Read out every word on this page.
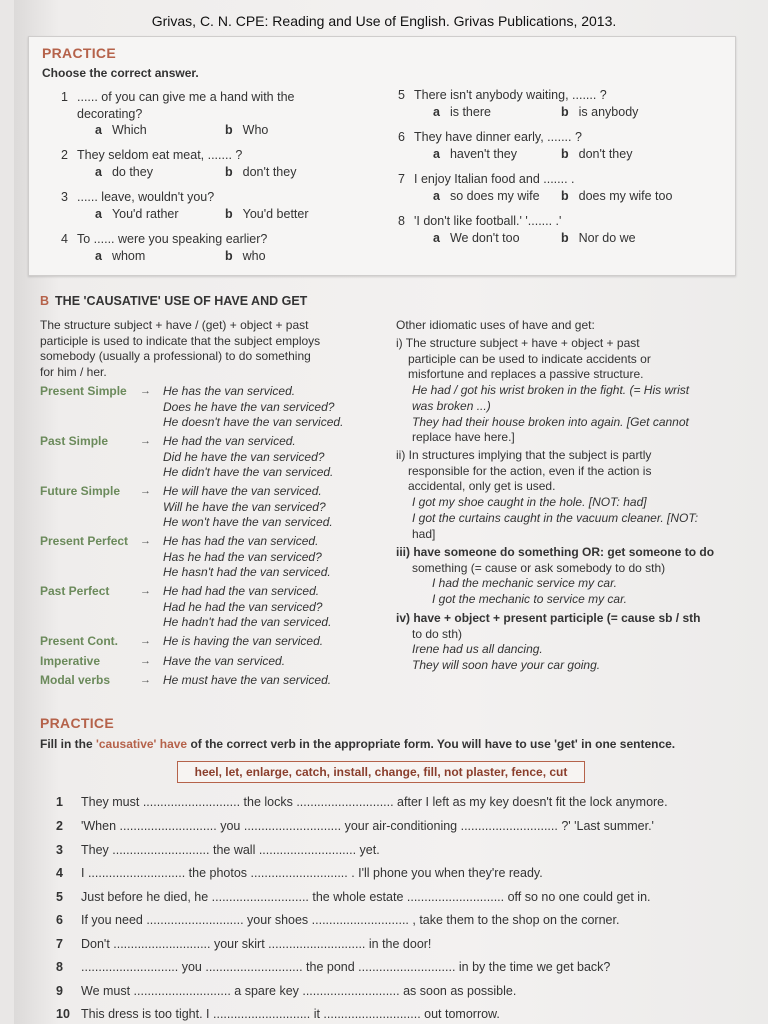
Grivas, C. N. CPE: Reading and Use of English. Grivas Publications, 2013.
PRACTICE
Choose the correct answer.
1 ...... of you can give me a hand with the
decorating?
a Which	b Who
2 They seldom eat meat, ....... ?
a do they	b don't they
3 ...... leave, wouldn't you?
a You'd rather	b You'd better
4 To ...... were you speaking earlier?
a whom	b who
5 There isn't anybody waiting, ....... ?
a is there	b is anybody
6 They have dinner early, ....... ?
a haven't they	b don't they
7 I enjoy Italian food and ....... .
a so does my wife b does my wife too
8 'I don't like football.' '....... .'
a We don't too	b Nor do we
B THE 'CAUSATIVE' USE OF HAVE AND GET
The structure subject + have / (get) + object + past
participle is used to indicate that the subject employs
somebody (usually a professional) to do something
for him / her.
Present Simple → He has the van serviced.
Does he have the van serviced?
He doesn't have the van serviced.
Past Simple	→ He had the van serviced.
Did he have the van serviced?
He didn't have the van serviced.
Future Simple → He will have the van serviced.
Will he have the van serviced?
He won't have the van serviced.
Present Perfect → He has had the van serviced.
Has he had the van serviced?
He hasn't had the van serviced.
Past Perfect	→ He had had the van serviced.
Had he had the van serviced?
He hadn't had the van serviced.
Present Cont. → He is having the van serviced.
Imperative	→ Have the van serviced.
Modal verbs	→ He must have the van serviced.
Other idiomatic uses of have and get:
i) The structure subject + have + object + past
participle can be used to indicate accidents or
misfortune and replaces a passive structure.
He had / got his wrist broken in the fight. (= His wrist
was broken ...)
They had their house broken into again. [Get cannot
replace have here.]
ii) In structures implying that the subject is partly
responsible for the action, even if the action is
accidental, only get is used.
I got my shoe caught in the hole. [NOT: had]
I got the curtains caught in the vacuum cleaner. [NOT:
had]
iii) have someone do something OR: get someone to do
something (= cause or ask somebody to do sth)
I had the mechanic service my car.
I got the mechanic to service my car.
iv) have + object + present participle (= cause sb / sth
to do sth)
Irene had us all dancing.
They will soon have your car going.
PRACTICE
Fill in the 'causative' have of the correct verb in the appropriate form. You will have to use 'get' in one sentence.
heel, let, enlarge, catch, install, change, fill, not plaster, fence, cut
1 They must ............................ the locks ............................ after I left as my key doesn't fit the lock anymore.
2 'When ............................ you ............................ your air-conditioning ............................ ?' 'Last summer.'
3 They ............................ the wall ............................ yet.
4 I ............................ the photos ............................ . I'll phone you when they're ready.
5 Just before he died, he ............................ the whole estate ............................ off so no one could get in.
6 If you need ............................ your shoes ............................ , take them to the shop on the corner.
7 Don't ............................ your skirt ............................ in the door!
8 ............................ you ............................ the pond ............................ in by the time we get back?
9 We must ............................ a spare key ............................ as soon as possible.
10 This dress is too tight. I ............................ it ............................ out tomorrow.
